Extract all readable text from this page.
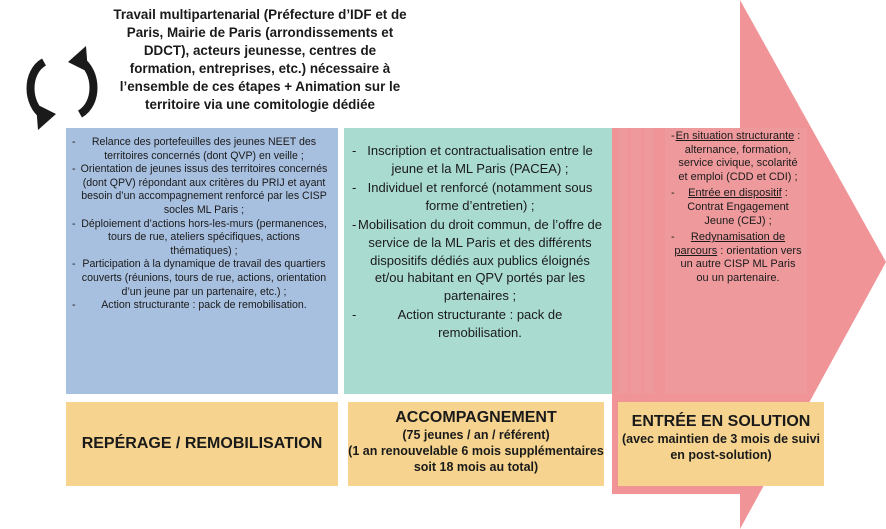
Travail multipartenarial (Préfecture d’IDF et de Paris, Mairie de Paris (arrondissements et DDCT), acteurs jeunesse, centres de formation, entreprises, etc.) nécessaire à l’ensemble de ces étapes + Animation sur le territoire via une comitologie dédiée
- Relance des portefeuilles des jeunes NEET des territoires concernés (dont QVP) en veille ;
- Orientation de jeunes issus des territoires concernés (dont QPV) répondant aux critères du PRIJ et ayant besoin d’un accompagnement renforcé par les CISP socles ML Paris ;
- Déploiement d’actions hors-les-murs (permanences, tours de rue, ateliers spécifiques, actions thématiques) ;
- Participation à la dynamique de travail des quartiers couverts (réunions, tours de rue, actions, orientation d’un jeune par un partenaire, etc.) ;
- Action structurante : pack de remobilisation.
- Inscription et contractualisation entre le jeune et la ML Paris (PACEA) ;
- Individuel et renforcé (notamment sous forme d’entretien) ;
- Mobilisation du droit commun, de l’offre de service de la ML Paris et des différents dispositifs dédiés aux publics éloignés et/ou habitant en QPV portés par les partenaires ;
- Action structurante : pack de remobilisation.
- En situation structurante : alternance, formation, service civique, scolarité et emploi (CDD et CDI) ;
- Entrée en dispositif : Contrat Engagement Jeune (CEJ) ;
- Redynamisation de parcours : orientation vers un autre CISP ML Paris ou un partenaire.
REPÉRAGE / REMOBILISATION
ACCOMPAGNEMENT
(75 jeunes / an / référent)
(1 an renouvelable 6 mois supplémentaires soit 18 mois au total)
ENTRÉE EN SOLUTION
(avec maintien de 3 mois de suivi en post-solution)
